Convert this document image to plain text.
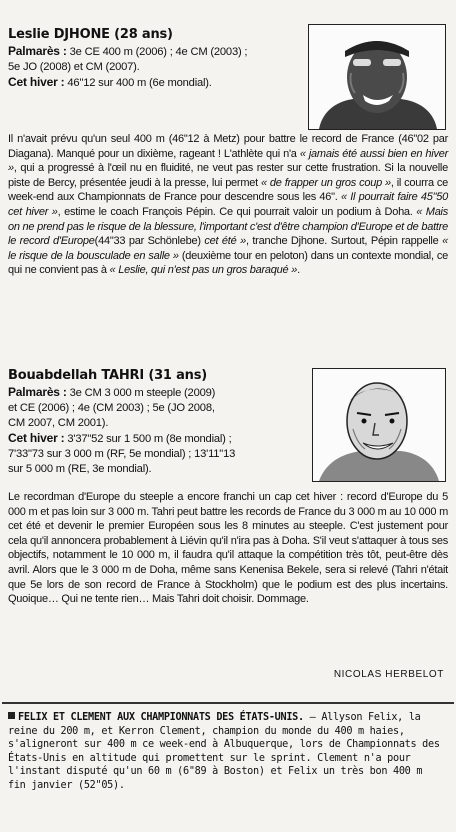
Leslie DJHONE (28 ans)
Palmarès : 3e CE 400 m (2006) ; 4e CM (2003) ;
5e JO (2008) et CM (2007).
Cet hiver : 46"12 sur 400 m (6e mondial).
Il n'avait prévu qu'un seul 400 m (46"12 à Metz) pour battre le record de France (46"02 par Diagana). Manqué pour un dixième, rageant ! L'athlète qui n'a « jamais été aussi bien en hiver », qui a progressé à l'œil nu en fluidité, ne veut pas rester sur cette frustration. Si la nouvelle piste de Bercy, présentée jeudi à la presse, lui permet « de frapper un gros coup », il courra ce week-end aux Championnats de France pour descendre sous les 46". « Il pourrait faire 45"50 cet hiver », estime le coach François Pépin. Ce qui pourrait valoir un podium à Doha. « Mais on ne prend pas le risque de la blessure, l'important c'est d'être champion d'Europe et de battre le record d'Europe(44"33 par Schönlebe) cet été », tranche Djhone. Surtout, Pépin rappelle « le risque de la bousculade en salle » (deuxième tour en peloton) dans un contexte mondial, ce qui ne convient pas à « Leslie, qui n'est pas un gros baraqué ».
Bouabdellah TAHRI (31 ans)
Palmarès : 3e CM 3 000 m steeple (2009)
et CE (2006) ; 4e (CM 2003) ; 5e (JO 2008,
CM 2007, CM 2001).
Cet hiver : 3'37"52 sur 1 500 m (8e mondial) ;
7'33"73 sur 3 000 m (RF, 5e mondial) ; 13'11"13
sur 5 000 m (RE, 3e mondial).
Le recordman d'Europe du steeple a encore franchi un cap cet hiver : record d'Europe du 5 000 m et pas loin sur 3 000 m. Tahri peut battre les records de France du 3 000 m au 10 000 m cet été et devenir le premier Européen sous les 8 minutes au steeple. C'est justement pour cela qu'il annoncera probablement à Liévin qu'il n'ira pas à Doha. S'il veut s'attaquer à tous ses objectifs, notamment le 10 000 m, il faudra qu'il attaque la compétition très tôt, peut-être dès avril. Alors que le 3 000 m de Doha, même sans Kenenisa Bekele, sera si relevé (Tahri n'était que 5e lors de son record de France à Stockholm) que le podium est des plus incertains. Quoique… Qui ne tente rien… Mais Tahri doit choisir. Dommage.
NICOLAS HERBELOT
FELIX ET CLEMENT AUX CHAMPIONNATS DES ÉTATS-UNIS. – Allyson Felix, la reine du 200 m, et Kerron Clement, champion du monde du 400 m haies, s'aligneront sur 400 m ce week-end à Albuquerque, lors de Championnats des États-Unis en altitude qui promettent sur le sprint. Clement n'a pour l'instant disputé qu'un 60 m (6"89 à Boston) et Felix un très bon 400 m fin janvier (52"05).
